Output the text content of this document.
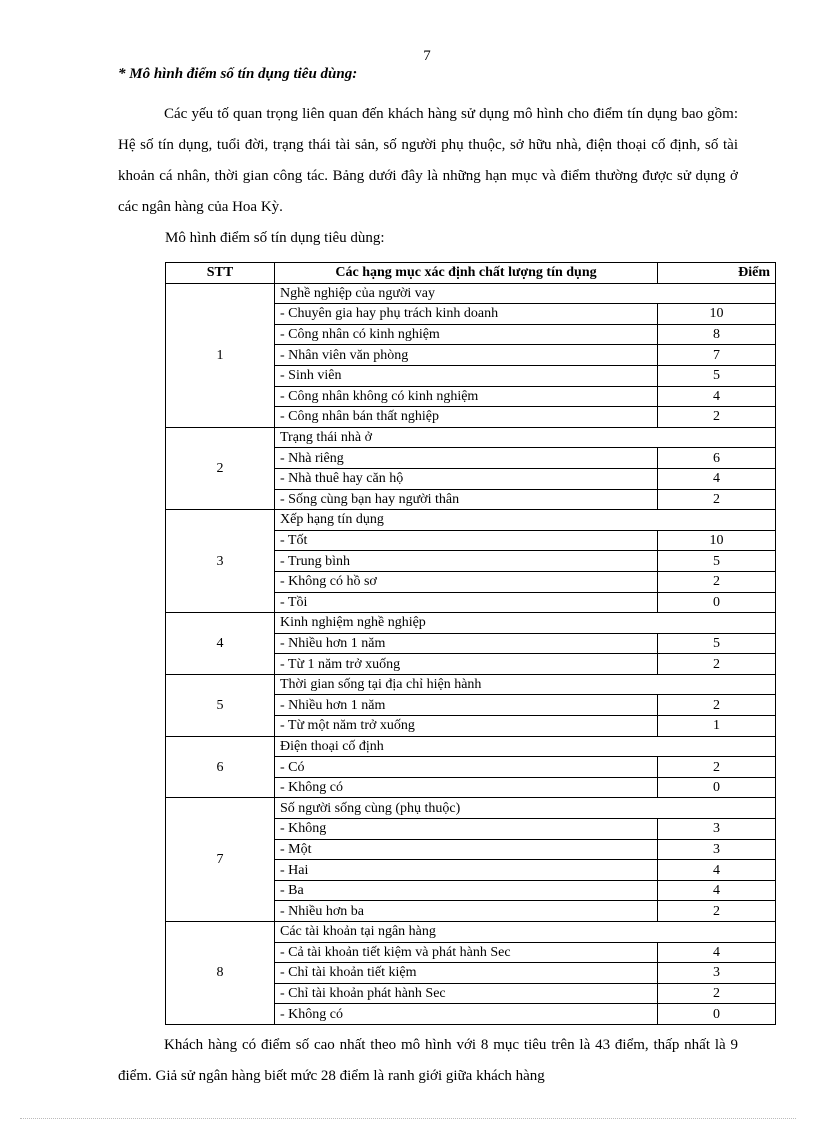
7
* Mô hình điểm số tín dụng tiêu dùng:

Các yếu tố quan trọng liên quan đến khách hàng sử dụng mô hình cho điểm tín dụng bao gồm: Hệ số tín dụng, tuổi đời, trạng thái tài sản, số người phụ thuộc, sở hữu nhà, điện thoại cố định, số tài khoản cá nhân, thời gian công tác. Bảng dưới đây là những hạn mục và điểm thường được sử dụng ở các ngân hàng của Hoa Kỳ.

Mô hình điểm số tín dụng tiêu dùng:
STT	Các hạng mục xác định chất lượng tín dụng	Điểm
1	Nghề nghiệp của người vay	
	- Chuyên gia hay phụ trách kinh doanh	10
	- Công nhân có kinh nghiệm	8
	- Nhân viên văn phòng	7
	- Sinh viên	5
	- Công nhân không có kinh nghiệm	4
	- Công nhân bán thất nghiệp	2
2	Trạng thái nhà ở	
	- Nhà riêng	6
	- Nhà thuê hay căn hộ	4
	- Sống cùng bạn hay người thân	2
3	Xếp hạng tín dụng	
	- Tốt	10
	- Trung bình	5
	- Không có hồ sơ	2
	- Tồi	0
4	Kinh nghiệm nghề nghiệp	
	- Nhiều hơn 1 năm	5
	- Từ 1 năm trở xuống	2
5	Thời gian sống tại địa chỉ hiện hành	
	- Nhiều hơn 1 năm	2
	- Từ một năm trở xuống	1
6	Điện thoại cố định	
	- Có	2
	- Không có	0
7	Số người sống cùng (phụ thuộc)	
	- Không	3
	- Một	3
	- Hai	4
	- Ba	4
	- Nhiều hơn ba	2
8	Các tài khoản tại ngân hàng	
	- Cả tài khoản tiết kiệm và phát hành Sec	4
	- Chỉ tài khoản tiết kiệm	3
	- Chỉ tài khoản phát hành Sec	2
	- Không có	0

Khách hàng có điểm số cao nhất theo mô hình với 8 mục tiêu trên là 43 điểm, thấp nhất là 9 điểm. Giả sử ngân hàng biết mức 28 điểm là ranh giới giữa khách hàng
